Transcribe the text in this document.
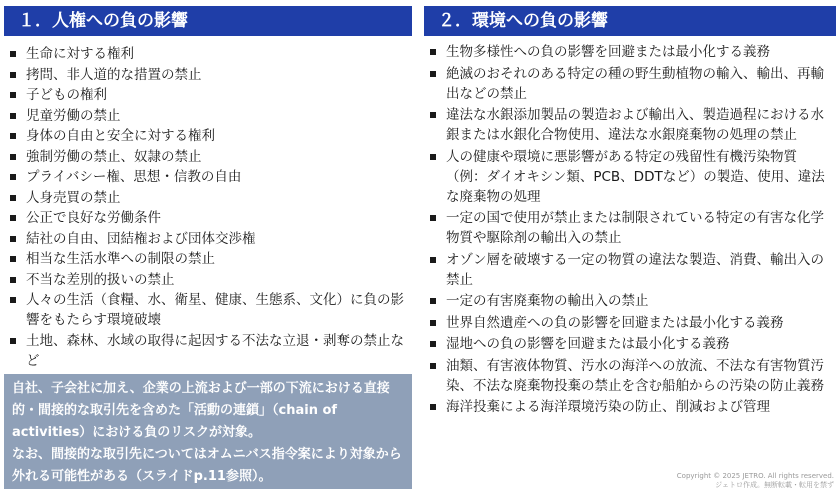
１．人権への負の影響
生命に対する権利
拷問、非人道的な措置の禁止
子どもの権利
児童労働の禁止
身体の自由と安全に対する権利
強制労働の禁止、奴隷の禁止
プライバシー権、思想・信教の自由
人身売買の禁止
公正で良好な労働条件
結社の自由、団結権および団体交渉権
相当な生活水準への制限の禁止
不当な差別的扱いの禁止
人々の生活（食糧、水、衛星、健康、生態系、文化）に負の影響をもたらす環境破壊
土地、森林、水域の取得に起因する不法な立退・剥奪の禁止など
自社、子会社に加え、企業の上流および一部の下流における直接的・間接的な取引先を含めた「活動の連鎖」（chain of activities）における負のリスクが対象。
なお、間接的な取引先についてはオムニバス指令案により対象から外れる可能性がある（スライドp.11参照）。
２．環境への負の影響
生物多様性への負の影響を回避または最小化する義務
絶滅のおそれのある特定の種の野生動植物の輸入、輸出、再輸出などの禁止
違法な水銀添加製品の製造および輸出入、製造過程における水銀または水銀化合物使用、違法な水銀廃棄物の処理の禁止
人の健康や環境に悪影響がある特定の残留性有機汚染物質（例：ダイオキシン類、PCB、DDTなど）の製造、使用、違法な廃棄物の処理
一定の国で使用が禁止または制限されている特定の有害な化学物質や駆除剤の輸出入の禁止
オゾン層を破壊する一定の物質の違法な製造、消費、輸出入の禁止
一定の有害廃棄物の輸出入の禁止
世界自然遺産への負の影響を回避または最小化する義務
湿地への負の影響を回避または最小化する義務
油類、有害液体物質、汚水の海洋への放流、不法な有害物質汚染、不法な廃棄物投棄の禁止を含む船舶からの汚染の防止義務
海洋投棄による海洋環境汚染の防止、削減および管理
Copyright © 2025 JETRO. All rights reserved.
ジェトロ作成。無断転載・転用を禁ず
